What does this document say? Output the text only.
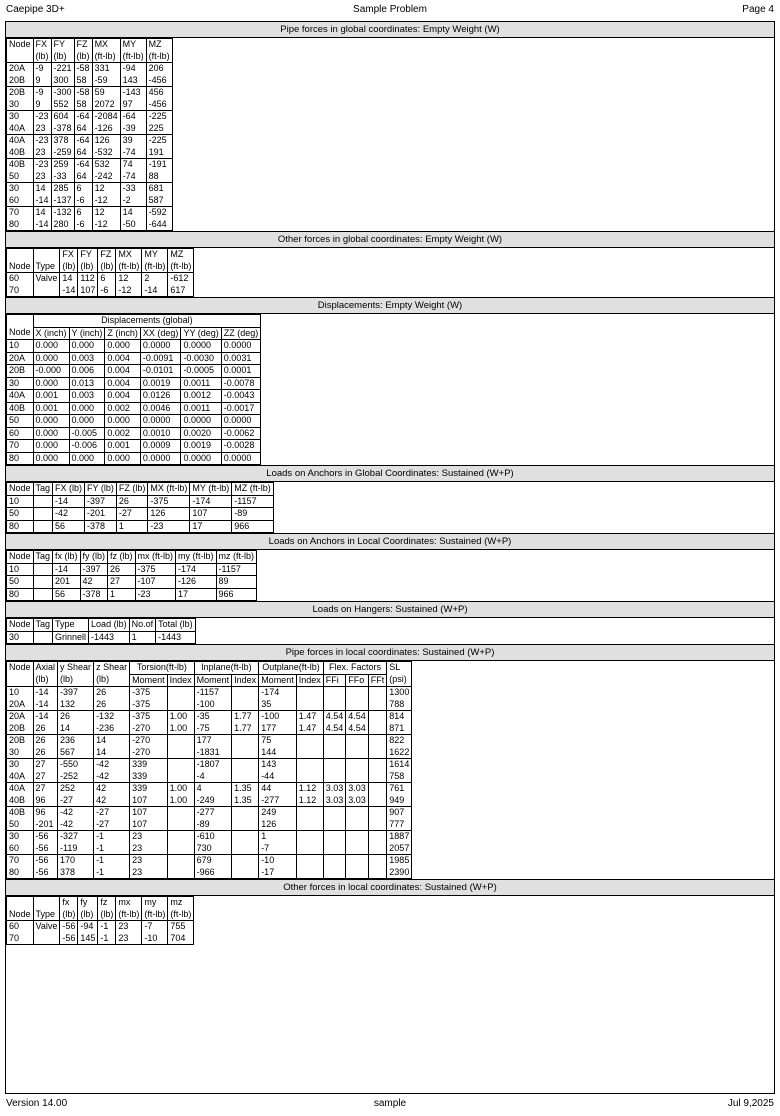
Caepipe 3D+	Sample Problem	Page 4
Pipe forces in global coordinates: Empty Weight (W)
Node	FX	FY	FZ	MX	MY	MZ
	(lb)	(lb)	(lb)	(ft-lb)	(ft-lb)	(ft-lb)
20A	-9	-221	-58	331	-94	206
20B	9	300	58	-59	143	-456
20B	-9	-300	-58	59	-143	456
30	9	552	58	2072	97	-456
30	-23	604	-64	-2084	-64	-225
40A	23	-378	64	-126	-39	225
40A	-23	378	-64	126	39	-225
40B	23	-259	64	-532	-74	191
40B	-23	259	-64	532	74	-191
50	23	-33	64	-242	-74	88
30	14	285	6	12	-33	681
60	-14	-137	-6	-12	-2	587
70	14	-132	6	12	14	-592
80	-14	280	-6	-12	-50	-644
Other forces in global coordinates: Empty Weight (W)
		FX	FY	FZ	MX	MY	MZ
Node	Type	(lb)	(lb)	(lb)	(ft-lb)	(ft-lb)	(ft-lb)
60	Valve	14	112	6	12	2	-612
70		-14	107	-6	-12	-14	617
Displacements: Empty Weight (W)
	Displacements (global)					
Node	X (inch)	Y (inch)	Z (inch)	XX (deg)	YY (deg)	ZZ (deg)
10	0.000	0.000	0.000	0.0000	0.0000	0.0000
20A	0.000	0.003	0.004	-0.0091	-0.0030	0.0031
20B	-0.000	0.006	0.004	-0.0101	-0.0005	0.0001
30	0.000	0.013	0.004	0.0019	0.0011	-0.0078
40A	0.001	0.003	0.004	0.0126	0.0012	-0.0043
40B	0.001	0.000	0.002	0.0046	0.0011	-0.0017
50	0.000	0.000	0.000	0.0000	0.0000	0.0000
60	0.000	-0.005	0.002	0.0010	0.0020	-0.0062
70	0.000	-0.006	0.001	0.0009	0.0019	-0.0028
80	0.000	0.000	0.000	0.0000	0.0000	0.0000
Loads on Anchors in Global Coordinates: Sustained (W+P)
Node	Tag	FX (lb)	FY (lb)	FZ (lb)	MX (ft-lb)	MY (ft-lb)	MZ (ft-lb)
10		-14	-397	26	-375	-174	-1157
50		-42	-201	-27	126	107	-89
80		56	-378	1	-23	17	966
Loads on Anchors in Local Coordinates: Sustained (W+P)
Node	Tag	fx (lb)	fy (lb)	fz (lb)	mx (ft-lb)	my (ft-lb)	mz (ft-lb)
10		-14	-397	26	-375	-174	-1157
50		201	42	27	-107	-126	89
80		56	-378	1	-23	17	966
Loads on Hangers: Sustained (W+P)
Node	Tag	Type	Load (lb)	No.of	Total (lb)
30		Grinnell	-1443	1	-1443
Pipe forces in local coordinates: Sustained (W+P)
Node	Axial	y Shear	z Shear	Torsion(ft-lb)		Inplane(ft-lb)		Outplane(ft-lb)		Flex. Factors			SL
	(lb)	(lb)	(lb)	Moment	Index	Moment	Index	Moment	Index	FFi	FFo	FFt	(psi)
10	-14	-397	26	-375		-1157		-174					1300
20A	-14	132	26	-375		-100		35					788
20A	-14	26	-132	-375	1.00	-35	1.77	-100	1.47	4.54	4.54		814
20B	26	14	-236	-270	1.00	-75	1.77	177	1.47	4.54	4.54		871
20B	26	236	14	-270		177		75					822
30	26	567	14	-270		-1831		144					1622
30	27	-550	-42	339		-1807		143					1614
40A	27	-252	-42	339		-4		-44					758
40A	27	252	42	339	1.00	4	1.35	44	1.12	3.03	3.03		761
40B	96	-27	42	107	1.00	-249	1.35	-277	1.12	3.03	3.03		949
40B	96	-42	-27	107		-277		249					907
50	-201	-42	-27	107		-89		126					777
30	-56	-327	-1	23		-610		1					1887
60	-56	-119	-1	23		730		-7					2057
70	-56	170	-1	23		679		-10					1985
80	-56	378	-1	23		-966		-17					2390
Other forces in local coordinates: Sustained (W+P)
		fx	fy	fz	mx	my	mz
Node	Type	(lb)	(lb)	(lb)	(ft-lb)	(ft-lb)	(ft-lb)
60	Valve	-56	-94	-1	23	-7	755
70		-56	145	-1	23	-10	704
Version 14.00	sample	Jul 9,2025
